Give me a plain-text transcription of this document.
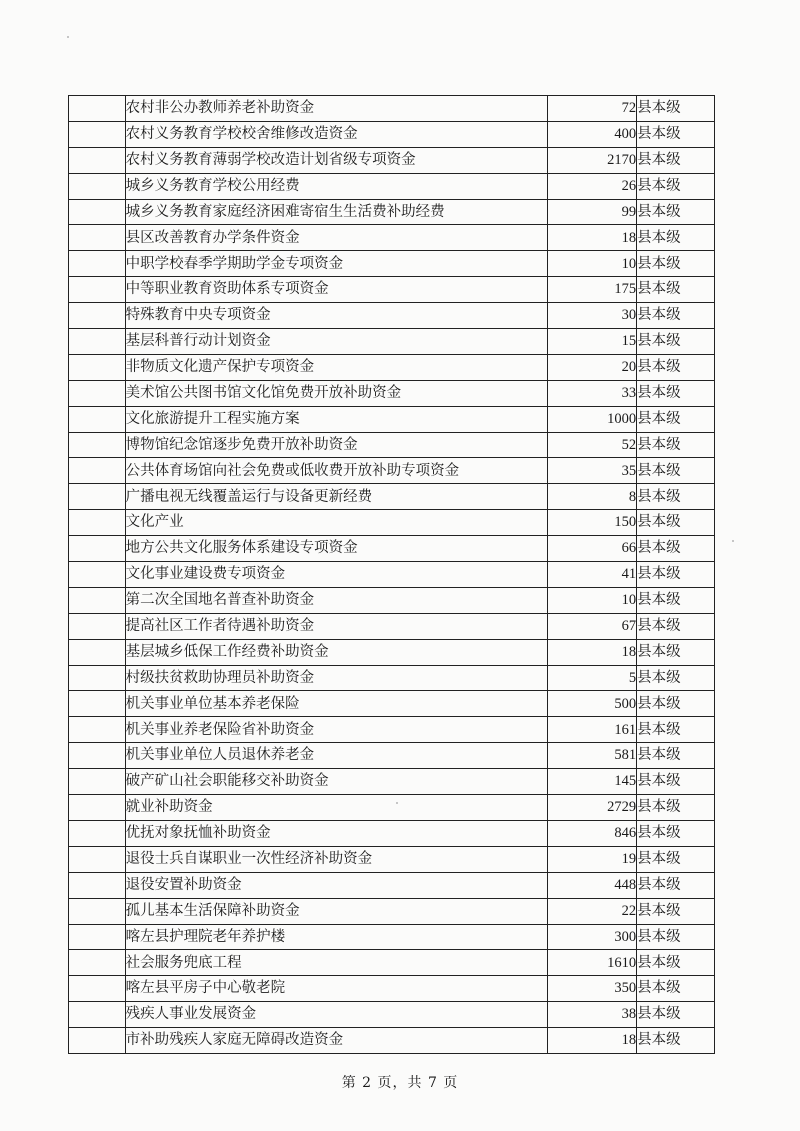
	农村非公办教师养老补助资金	72	县本级
	农村义务教育学校校舍维修改造资金	400	县本级
	农村义务教育薄弱学校改造计划省级专项资金	2170	县本级
	城乡义务教育学校公用经费	26	县本级
	城乡义务教育家庭经济困难寄宿生生活费补助经费	99	县本级
	县区改善教育办学条件资金	18	县本级
	中职学校春季学期助学金专项资金	10	县本级
	中等职业教育资助体系专项资金	175	县本级
	特殊教育中央专项资金	30	县本级
	基层科普行动计划资金	15	县本级
	非物质文化遗产保护专项资金	20	县本级
	美术馆公共图书馆文化馆免费开放补助资金	33	县本级
	文化旅游提升工程实施方案	1000	县本级
	博物馆纪念馆逐步免费开放补助资金	52	县本级
	公共体育场馆向社会免费或低收费开放补助专项资金	35	县本级
	广播电视无线覆盖运行与设备更新经费	8	县本级
	文化产业	150	县本级
	地方公共文化服务体系建设专项资金	66	县本级
	文化事业建设费专项资金	41	县本级
	第二次全国地名普查补助资金	10	县本级
	提高社区工作者待遇补助资金	67	县本级
	基层城乡低保工作经费补助资金	18	县本级
	村级扶贫救助协理员补助资金	5	县本级
	机关事业单位基本养老保险	500	县本级
	机关事业养老保险省补助资金	161	县本级
	机关事业单位人员退休养老金	581	县本级
	破产矿山社会职能移交补助资金	145	县本级
	就业补助资金	2729	县本级
	优抚对象抚恤补助资金	846	县本级
	退役士兵自谋职业一次性经济补助资金	19	县本级
	退役安置补助资金	448	县本级
	孤儿基本生活保障补助资金	22	县本级
	喀左县护理院老年养护楼	300	县本级
	社会服务兜底工程	1610	县本级
	喀左县平房子中心敬老院	350	县本级
	残疾人事业发展资金	38	县本级
	市补助残疾人家庭无障碍改造资金	18	县本级
第 2 页，共 7 页
